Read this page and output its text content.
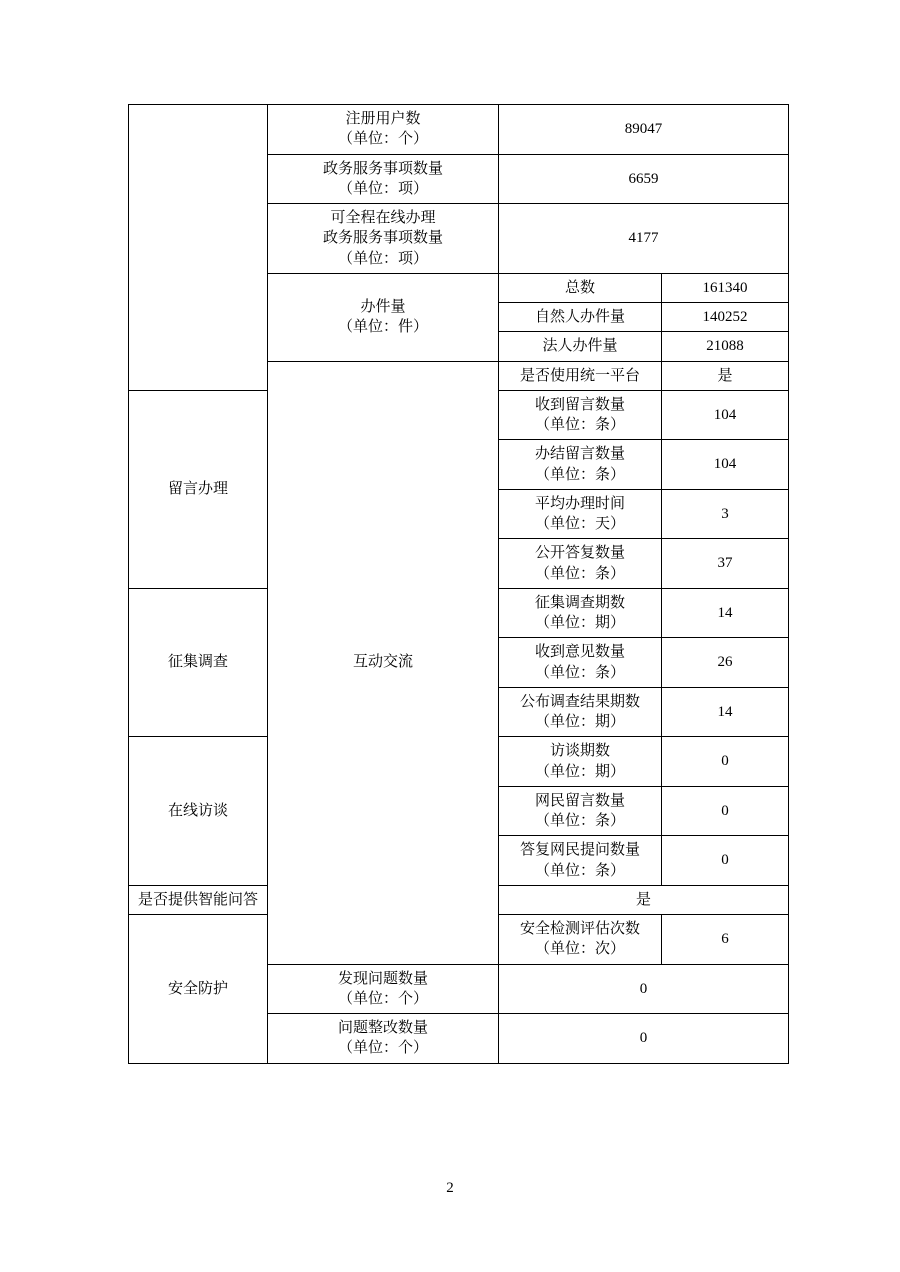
	注册用户数
（单位：个）	89047	

	政务服务事项数量
（单位：项）	6659	

	可全程在线办理
政务服务事项数量
（单位：项）	4177	

	办件量
（单位：件）	总数	161340
		自然人办件量	140252
		法人办件量	21088
	互动交流	是否使用统一平台	是
留言办理		收到留言数量
（单位：条）	104

		办结留言数量
（单位：条）	104

		平均办理时间
（单位：天）	3

		公开答复数量
（单位：条）	37
征集调查		征集调查期数
（单位：期）	14

		收到意见数量
（单位：条）	26

		公布调查结果期数
（单位：期）	14
在线访谈		访谈期数
（单位：期）	0

		网民留言数量
（单位：条）	0

		答复网民提问数量
（单位：条）	0
是否提供智能问答		是	
安全防护		安全检测评估次数
（单位：次）	6

	发现问题数量
（单位：个）	0	

	问题整改数量
（单位：个）	0	
2
